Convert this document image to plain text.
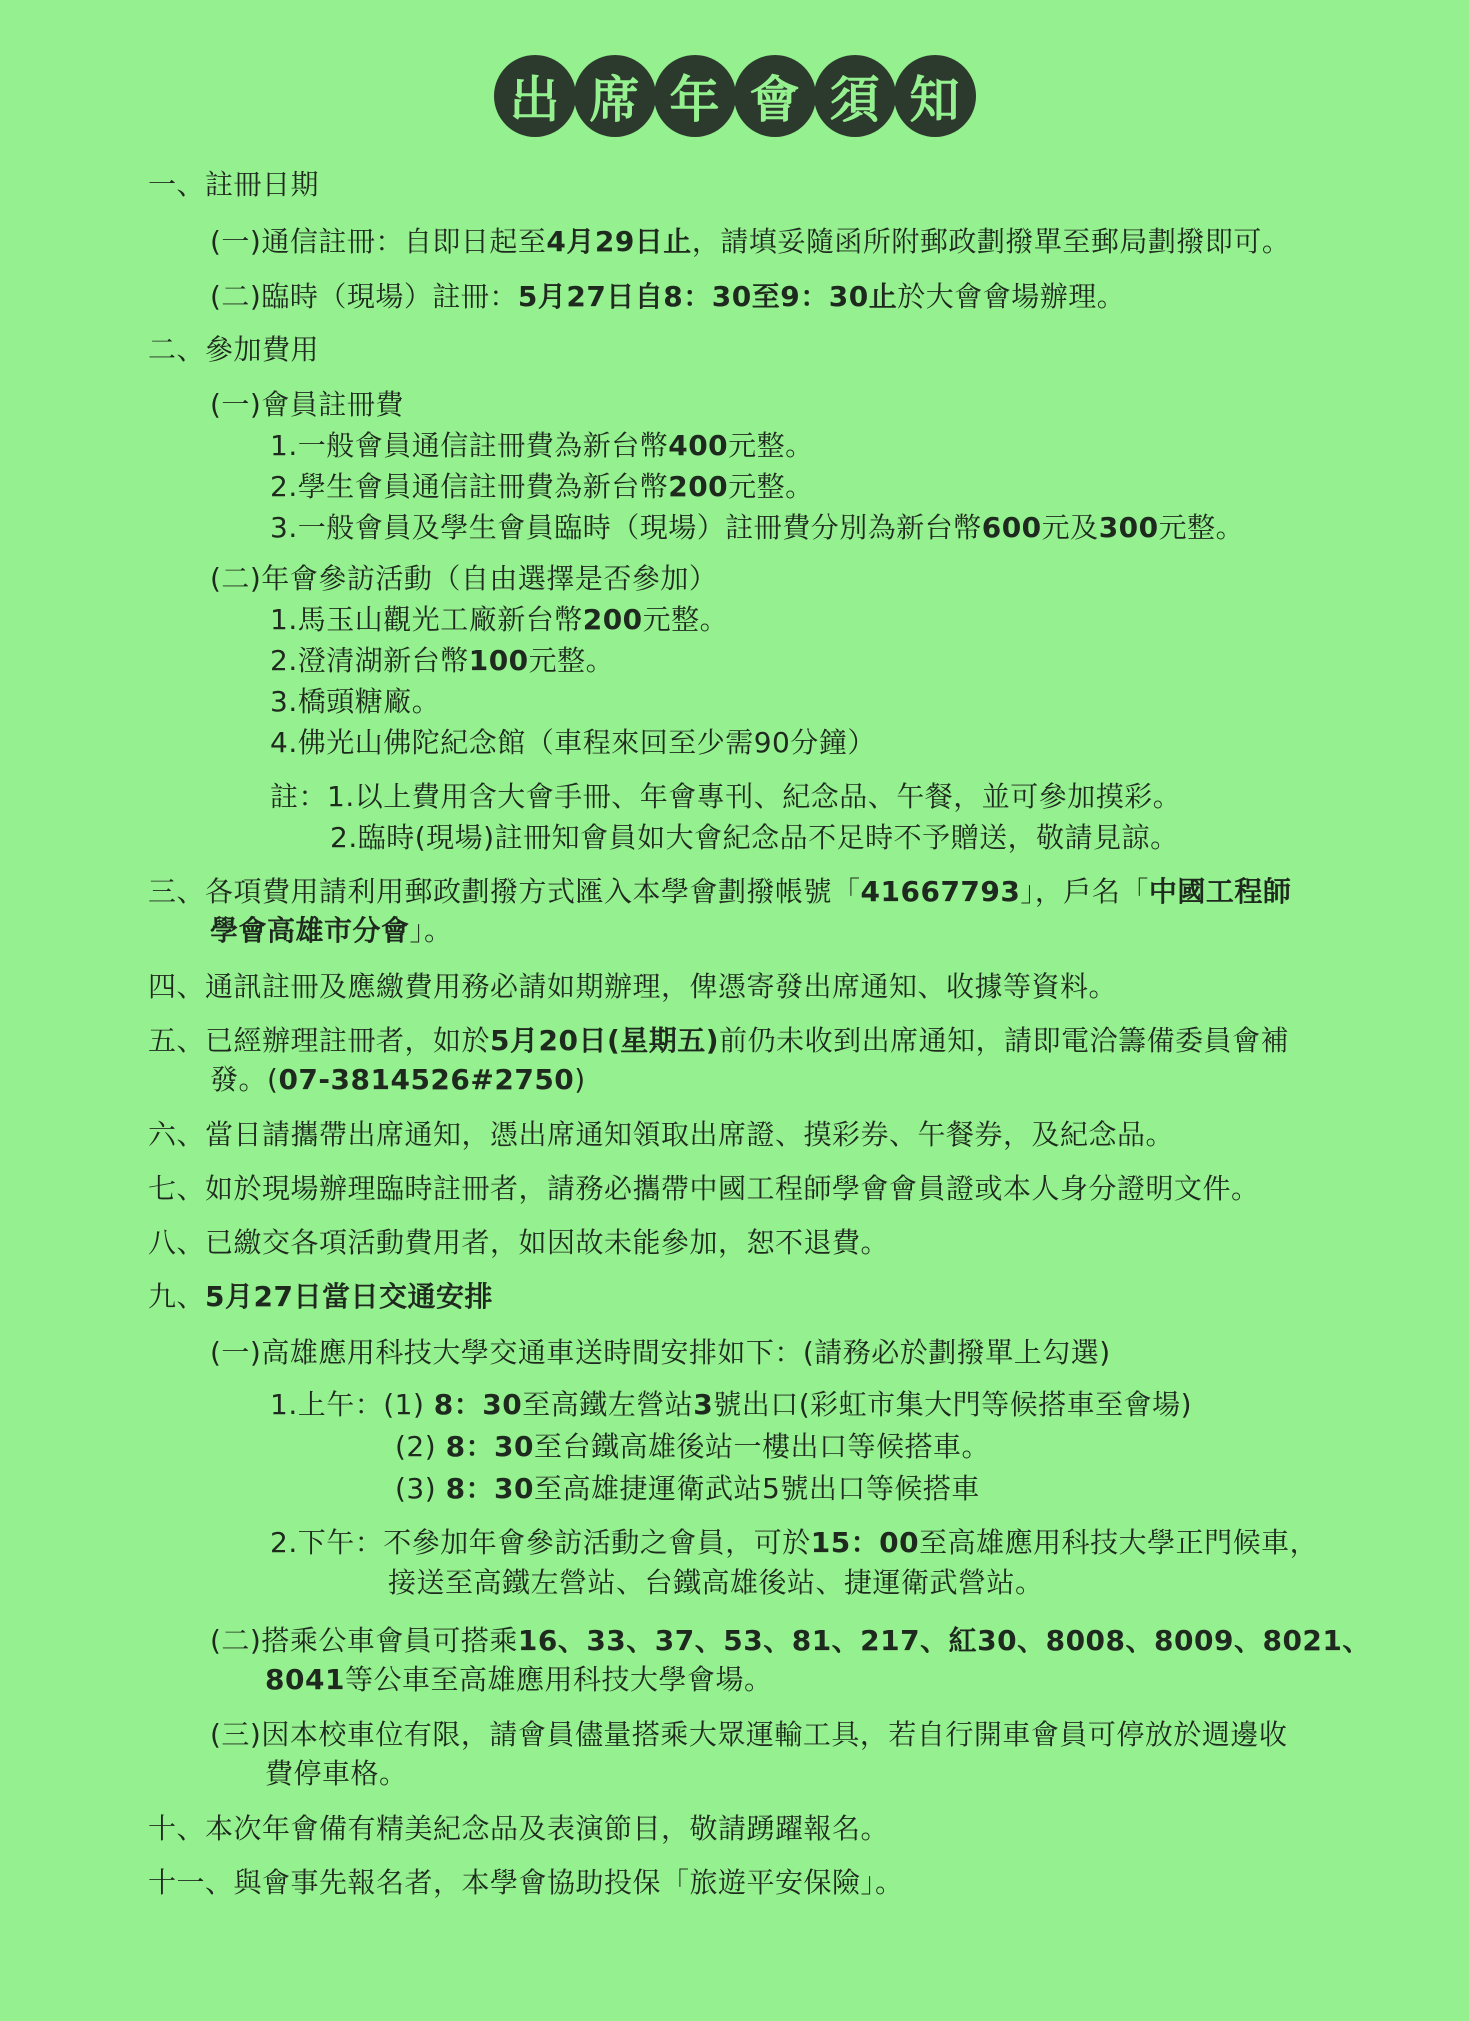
出 席 年 會 須 知
一、註冊日期
(一)通信註冊：自即日起至4月29日止，請填妥隨函所附郵政劃撥單至郵局劃撥即可。
(二)臨時（現場）註冊：5月27日自8：30至9：30止於大會會場辦理。
二、參加費用
(一)會員註冊費
1.一般會員通信註冊費為新台幣400元整。
2.學生會員通信註冊費為新台幣200元整。
3.一般會員及學生會員臨時（現場）註冊費分別為新台幣600元及300元整。
(二)年會參訪活動（自由選擇是否參加）
1.馬玉山觀光工廠新台幣200元整。
2.澄清湖新台幣100元整。
3.橋頭糖廠。
4.佛光山佛陀紀念館（車程來回至少需90分鐘）
註：1.以上費用含大會手冊、年會專刊、紀念品、午餐，並可參加摸彩。
2.臨時(現場)註冊知會員如大會紀念品不足時不予贈送，敬請見諒。
三、各項費用請利用郵政劃撥方式匯入本學會劃撥帳號「41667793」，戶名「中國工程師
學會高雄市分會」。
四、通訊註冊及應繳費用務必請如期辦理，俾憑寄發出席通知、收據等資料。
五、已經辦理註冊者，如於5月20日(星期五)前仍未收到出席通知，請即電洽籌備委員會補
發。(07-3814526#2750)
六、當日請攜帶出席通知，憑出席通知領取出席證、摸彩券、午餐券，及紀念品。
七、如於現場辦理臨時註冊者，請務必攜帶中國工程師學會會員證或本人身分證明文件。
八、已繳交各項活動費用者，如因故未能參加，恕不退費。
九、5月27日當日交通安排
(一)高雄應用科技大學交通車送時間安排如下：(請務必於劃撥單上勾選)
1.上午：(1) 8：30至高鐵左營站3號出口(彩虹市集大門等候搭車至會場)
(2) 8：30至台鐵高雄後站一樓出口等候搭車。
(3) 8：30至高雄捷運衛武站5號出口等候搭車
2.下午：不參加年會參訪活動之會員，可於15：00至高雄應用科技大學正門候車，
接送至高鐵左營站、台鐵高雄後站、捷運衛武營站。
(二)搭乘公車會員可搭乘16、33、37、53、81、217、紅30、8008、8009、8021、
8041等公車至高雄應用科技大學會場。
(三)因本校車位有限，請會員儘量搭乘大眾運輸工具，若自行開車會員可停放於週邊收
費停車格。
十、本次年會備有精美紀念品及表演節目，敬請踴躍報名。
十一、與會事先報名者，本學會協助投保「旅遊平安保險」。
